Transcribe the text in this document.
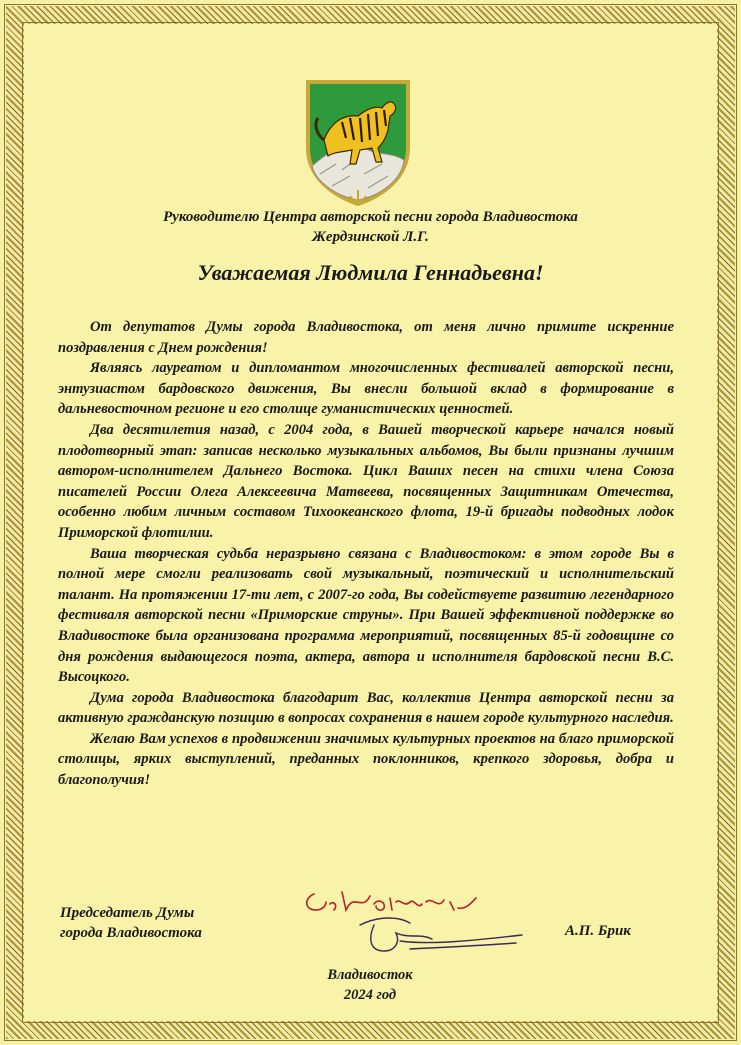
Руководителю Центра авторской песни города Владивостока
Жердзинской Л.Г.
Уважаемая Людмила Геннадьевна!

От депутатов Думы города Владивостока, от меня лично примите искренние поздравления с Днем рождения!

Являясь лауреатом и дипломантом многочисленных фестивалей авторской песни, энтузиастом бардовского движения, Вы внесли большой вклад в формирование в дальневосточном регионе и его столице гуманистических ценностей.

Два десятилетия назад, с 2004 года, в Вашей творческой карьере начался новый плодотворный этап: записав несколько музыкальных альбомов, Вы были признаны лучшим автором-исполнителем Дальнего Востока. Цикл Ваших песен на стихи члена Союза писателей России Олега Алексеевича Матвеева, посвященных Защитникам Отечества, особенно любим личным составом Тихоокеанского флота, 19-й бригады подводных лодок Приморской флотилии.

Ваша творческая судьба неразрывно связана с Владивостоком: в этом городе Вы в полной мере смогли реализовать свой музыкальный, поэтический и исполнительский талант. На протяжении 17-ти лет, с 2007-го года, Вы содействуете развитию легендарного фестиваля авторской песни «Приморские струны». При Вашей эффективной поддержке во Владивостоке была организована программа мероприятий, посвященных 85-й годовщине со дня рождения выдающегося поэта, актера, автора и исполнителя бардовской песни В.С. Высоцкого.

Дума города Владивостока благодарит Вас, коллектив Центра авторской песни за активную гражданскую позицию в вопросах сохранения в нашем городе культурного наследия.

Желаю Вам успехов в продвижении значимых культурных проектов на благо приморской столицы, ярких выступлений, преданных поклонников, крепкого здоровья, добра и благополучия!

Председатель Думы
города Владивостока	А.П. Брик
Владивосток
2024 год
